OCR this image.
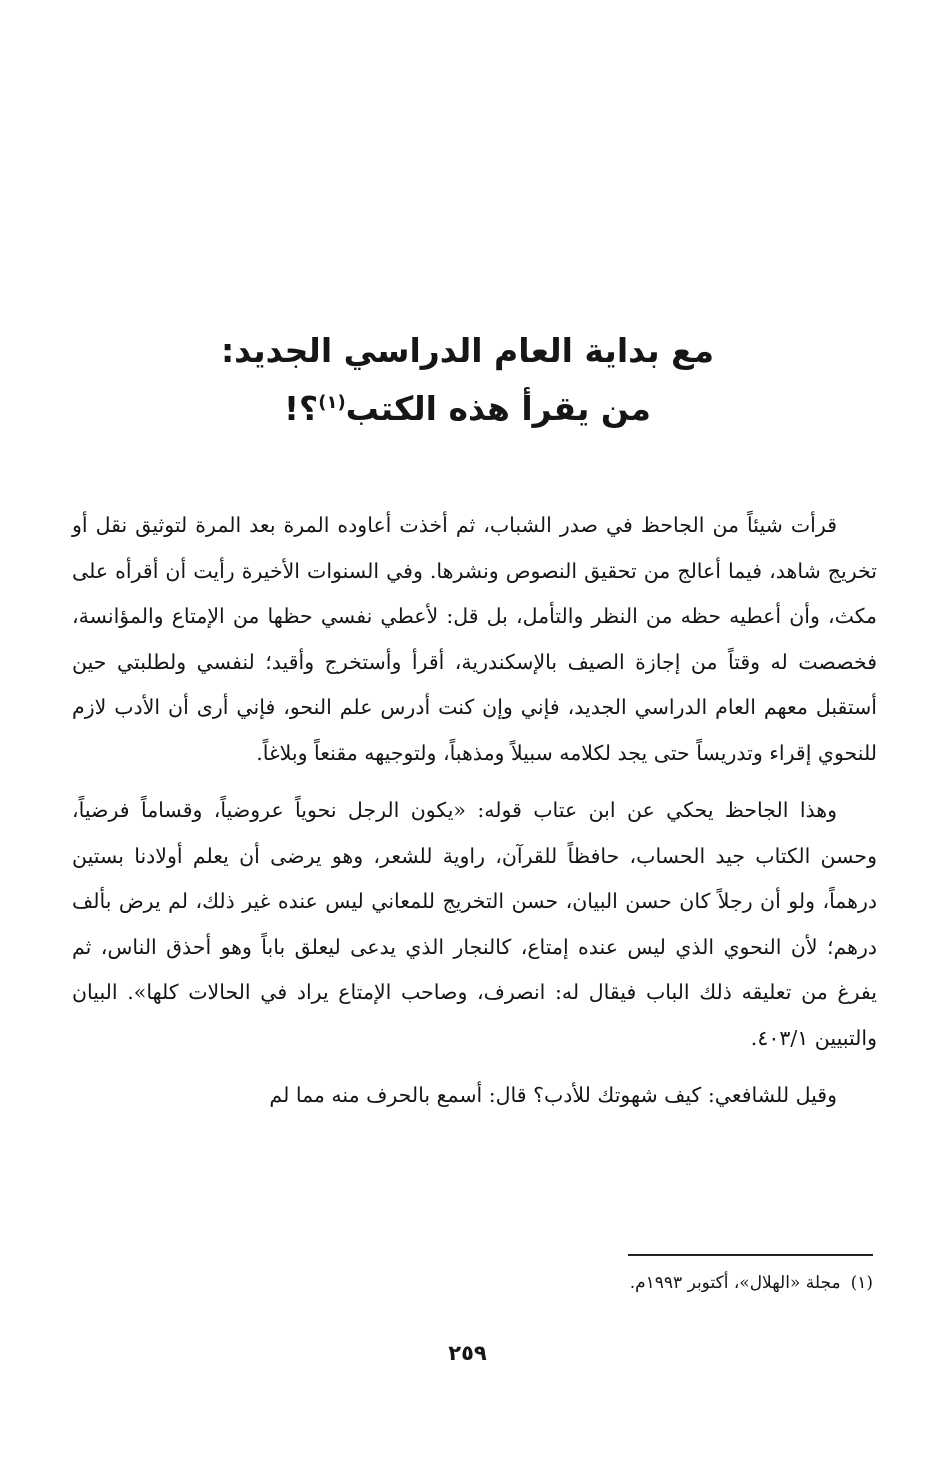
مع بداية العام الدراسي الجديد:
من يقرأ هذه الكتب$^{(١)}$؟!

قرأت شيئاً من الجاحظ في صدر الشباب، ثم أخذت أعاوده المرة بعد المرة لتوثيق نقل أو تخريج شاهد، فيما أعالج من تحقيق النصوص ونشرها. وفي السنوات الأخيرة رأيت أن أقرأه على مكث، وأن أعطيه حظه من النظر والتأمل، بل قل: لأعطي نفسي حظها من الإمتاع والمؤانسة، فخصصت له وقتاً من إجازة الصيف بالإسكندرية، أقرأ وأستخرج وأقيد؛ لنفسي ولطلبتي حين أستقبل معهم العام الدراسي الجديد، فإني وإن كنت أدرس علم النحو، فإني أرى أن الأدب لازم للنحوي إقراء وتدريساً حتى يجد لكلامه سبيلاً ومذهباً، ولتوجيهه مقنعاً وبلاغاً.

وهذا الجاحظ يحكي عن ابن عتاب قوله: «يكون الرجل نحوياً عروضياً، وقساماً فرضياً، وحسن الكتاب جيد الحساب، حافظاً للقرآن، راوية للشعر، وهو يرضى أن يعلم أولادنا بستين درهماً، ولو أن رجلاً كان حسن البيان، حسن التخريج للمعاني ليس عنده غير ذلك، لم يرض بألف درهم؛ لأن النحوي الذي ليس عنده إمتاع، كالنجار الذي يدعى ليعلق باباً وهو أحذق الناس، ثم يفرغ من تعليقه ذلك الباب فيقال له: انصرف، وصاحب الإمتاع يراد في الحالات كلها». البيان والتبيين ٤٠٣/١.

وقيل للشافعي: كيف شهوتك للأدب؟ قال: أسمع بالحرف منه مما لم

(١)مجلة «الهلال»، أكتوبر ١٩٩٣م.
٢٥٩
